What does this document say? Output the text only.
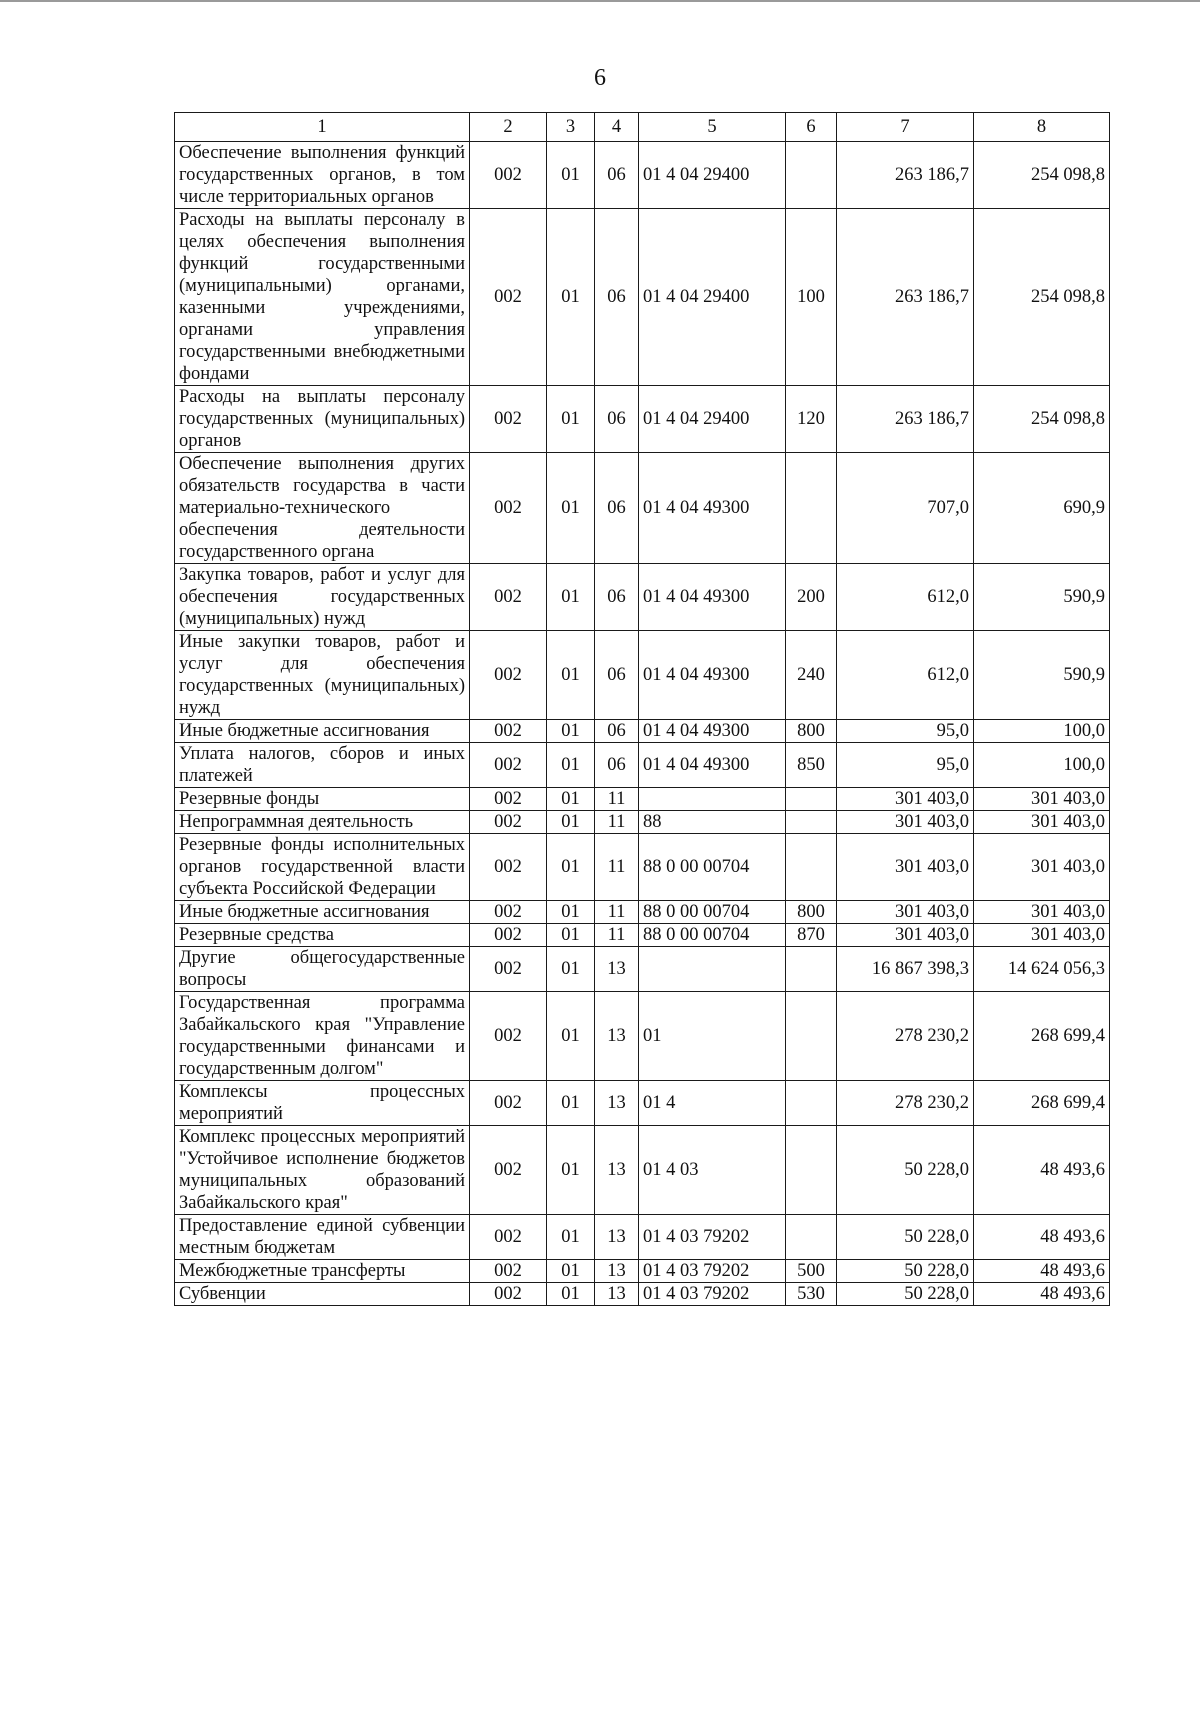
6
1	2	3	4	5	6	7	8
Обеспечение выполнения функций государственных органов, в том числе территориальных органов	002	01	06	01 4 04 29400		263 186,7	254 098,8
Расходы на выплаты персоналу в целях обеспечения выполнения функций государственными (муниципальными) органами, казенными учреждениями, органами управления государственными внебюджетными фондами	002	01	06	01 4 04 29400	100	263 186,7	254 098,8
Расходы на выплаты персоналу государственных (муниципальных) органов	002	01	06	01 4 04 29400	120	263 186,7	254 098,8
Обеспечение выполнения других обязательств государства в части материально-технического обеспечения деятельности государственного органа	002	01	06	01 4 04 49300		707,0	690,9
Закупка товаров, работ и услуг для обеспечения государственных (муниципальных) нужд	002	01	06	01 4 04 49300	200	612,0	590,9
Иные закупки товаров, работ и услуг для обеспечения государственных (муниципальных) нужд	002	01	06	01 4 04 49300	240	612,0	590,9
Иные бюджетные ассигнования	002	01	06	01 4 04 49300	800	95,0	100,0
Уплата налогов, сборов и иных платежей	002	01	06	01 4 04 49300	850	95,0	100,0
Резервные фонды	002	01	11			301 403,0	301 403,0
Непрограммная деятельность	002	01	11	88		301 403,0	301 403,0
Резервные фонды исполнительных органов государственной власти субъекта Российской Федерации	002	01	11	88 0 00 00704		301 403,0	301 403,0
Иные бюджетные ассигнования	002	01	11	88 0 00 00704	800	301 403,0	301 403,0
Резервные средства	002	01	11	88 0 00 00704	870	301 403,0	301 403,0
Другие общегосударственные вопросы	002	01	13			16 867 398,3	14 624 056,3
Государственная программа Забайкальского края "Управление государственными финансами и государственным долгом"	002	01	13	01		278 230,2	268 699,4
Комплексы процессных мероприятий	002	01	13	01 4		278 230,2	268 699,4
Комплекс процессных мероприятий "Устойчивое исполнение бюджетов муниципальных образований Забайкальского края"	002	01	13	01 4 03		50 228,0	48 493,6
Предоставление единой субвенции местным бюджетам	002	01	13	01 4 03 79202		50 228,0	48 493,6
Межбюджетные трансферты	002	01	13	01 4 03 79202	500	50 228,0	48 493,6
Субвенции	002	01	13	01 4 03 79202	530	50 228,0	48 493,6
